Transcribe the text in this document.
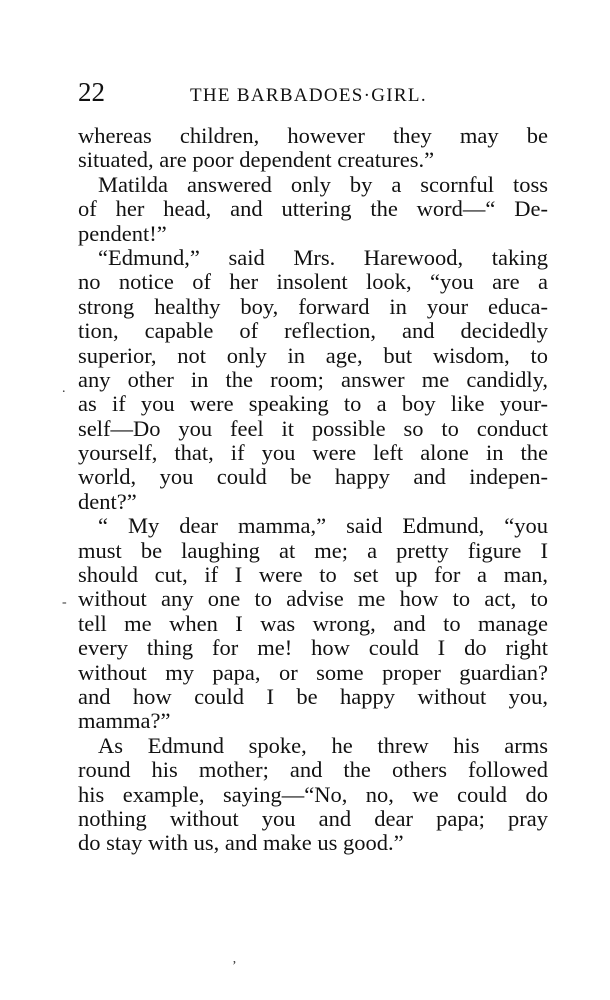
22	THE BARBADOES·GIRL.
whereas children, however they may be
situated, are poor dependent creatures.”
Matilda answered only by a scornful toss
of her head, and uttering the word—“ De-
pendent!”
“Edmund,” said Mrs. Harewood, taking
no notice of her insolent look, “you are a
strong healthy boy, forward in your educa-
tion, capable of reflection, and decidedly
superior, not only in age, but wisdom, to
any other in the room; answer me candidly,
as if you were speaking to a boy like your-
self—Do you feel it possible so to conduct
yourself, that, if you were left alone in the
world, you could be happy and indepen-
dent?”
“ My dear mamma,” said Edmund, “you
must be laughing at me; a pretty figure I
should cut, if I were to set up for a man,
without any one to advise me how to act, to
tell me when I was wrong, and to manage
every thing for me! how could I do right
without my papa, or some proper guardian?
and how could I be happy without you,
mamma?”
As Edmund spoke, he threw his arms
round his mother; and the others followed
his example, saying—“No, no, we could do
nothing without you and dear papa; pray
do stay with us, and make us good.”
.
-
’
